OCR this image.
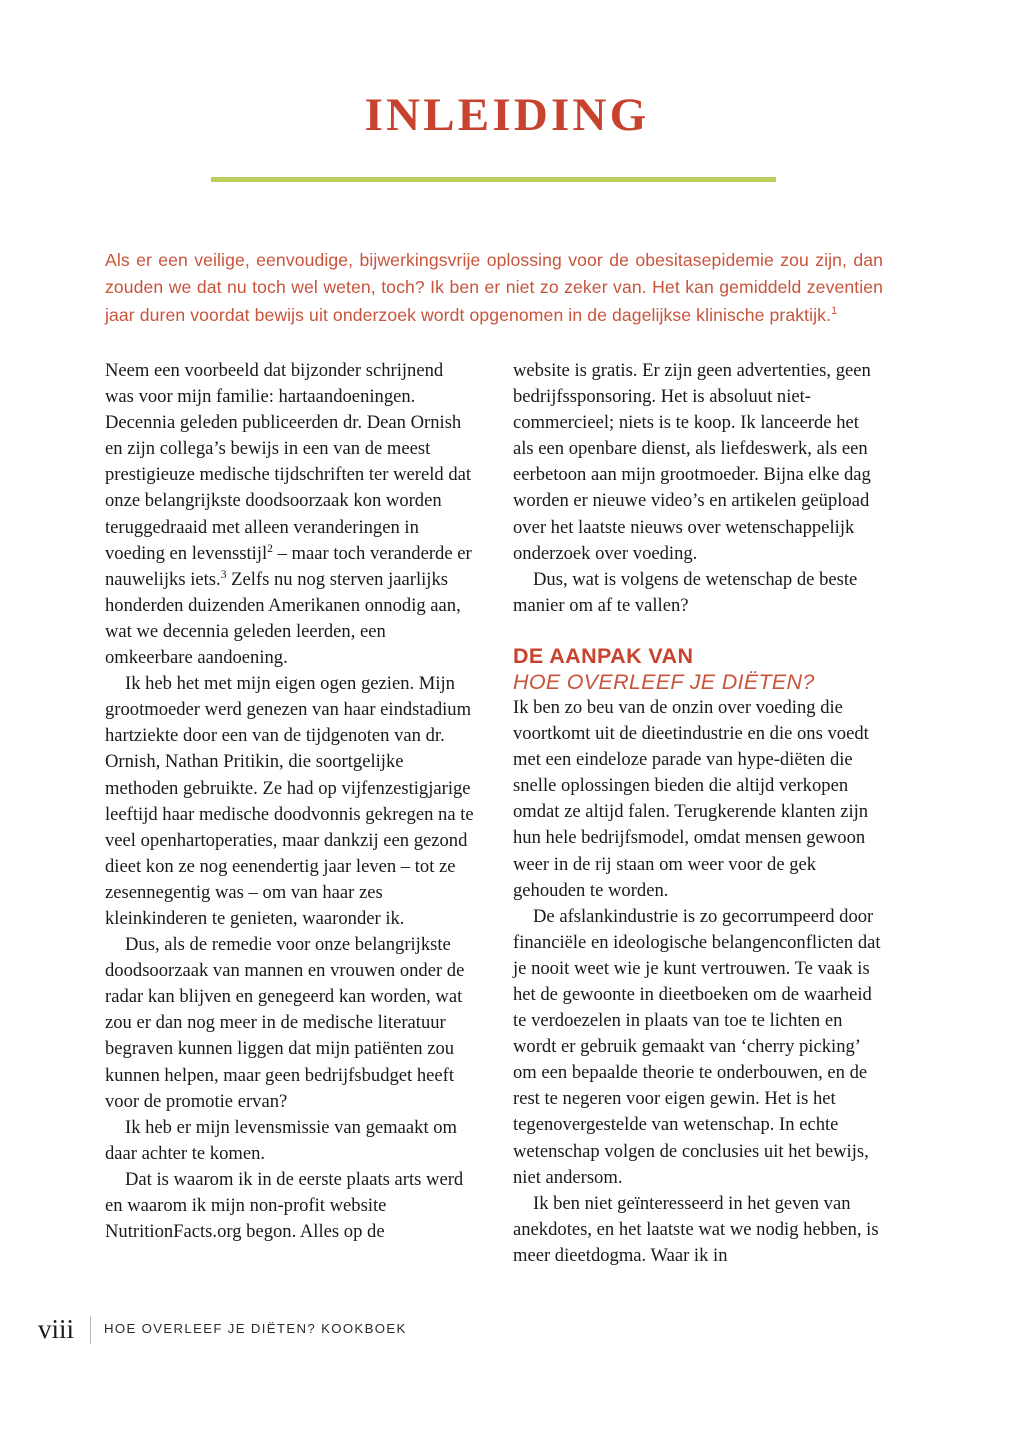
INLEIDING

Als er een veilige, eenvoudige, bijwerkingsvrije oplossing voor de obesitasepidemie zou zijn, dan zouden we dat nu toch wel weten, toch? Ik ben er niet zo zeker van. Het kan gemiddeld zeventien jaar duren voordat bewijs uit onderzoek wordt opgenomen in de dagelijkse klinische praktijk.$^1$

Neem een voorbeeld dat bijzonder schrijnend was voor mijn familie: hartaandoeningen. Decennia geleden publiceerden dr. Dean Ornish en zijn collega’s bewijs in een van de meest prestigieuze medische tijdschriften ter wereld dat onze belangrijkste doodsoorzaak kon worden teruggedraaid met alleen veranderingen in voeding en levensstijl$^2$ – maar toch veranderde er nauwelijks iets.$^3$ Zelfs nu nog sterven jaarlijks honderden duizenden Amerikanen onnodig aan, wat we decennia geleden leerden, een omkeerbare aandoening.

Ik heb het met mijn eigen ogen gezien. Mijn grootmoeder werd genezen van haar eindstadium hartziekte door een van de tijdgenoten van dr. Ornish, Nathan Pritikin, die soortgelijke methoden gebruikte. Ze had op vijfenzestigjarige leeftijd haar medische doodvonnis gekregen na te veel openhartoperaties, maar dankzij een gezond dieet kon ze nog eenendertig jaar leven – tot ze zesennegentig was – om van haar zes kleinkinderen te genieten, waaronder ik.

Dus, als de remedie voor onze belangrijkste doodsoorzaak van mannen en vrouwen onder de radar kan blijven en genegeerd kan worden, wat zou er dan nog meer in de medische literatuur begraven kunnen liggen dat mijn patiënten zou kunnen helpen, maar geen bedrijfsbudget heeft voor de promotie ervan?

Ik heb er mijn levensmissie van gemaakt om daar achter te komen.

Dat is waarom ik in de eerste plaats arts werd en waarom ik mijn non-profit website NutritionFacts.org begon. Alles op de

website is gratis. Er zijn geen advertenties, geen bedrijfssponsoring. Het is absoluut niet-commercieel; niets is te koop. Ik lanceerde het als een openbare dienst, als liefdeswerk, als een eerbetoon aan mijn grootmoeder. Bijna elke dag worden er nieuwe video’s en artikelen geüpload over het laatste nieuws over wetenschappelijk onderzoek over voeding.

Dus, wat is volgens de wetenschap de beste manier om af te vallen?

DE AANPAK VAN
HOE OVERLEEF JE DIËTEN?

Ik ben zo beu van de onzin over voeding die voortkomt uit de dieetindustrie en die ons voedt met een eindeloze parade van hype-diëten die snelle oplossingen bieden die altijd verkopen omdat ze altijd falen. Terugkerende klanten zijn hun hele bedrijfsmodel, omdat mensen gewoon weer in de rij staan om weer voor de gek gehouden te worden.

De afslankindustrie is zo gecorrumpeerd door financiële en ideologische belangenconflicten dat je nooit weet wie je kunt vertrouwen. Te vaak is het de gewoonte in dieetboeken om de waarheid te verdoezelen in plaats van toe te lichten en wordt er gebruik gemaakt van ‘cherry picking’ om een bepaalde theorie te onderbouwen, en de rest te negeren voor eigen gewin. Het is het tegenovergestelde van wetenschap. In echte wetenschap volgen de conclusies uit het bewijs, niet andersom.

Ik ben niet geïnteresseerd in het geven van anekdotes, en het laatste wat we nodig hebben, is meer dieetdogma. Waar ik in

viii HOE OVERLEEF JE DIËTEN? KOOKBOEK
